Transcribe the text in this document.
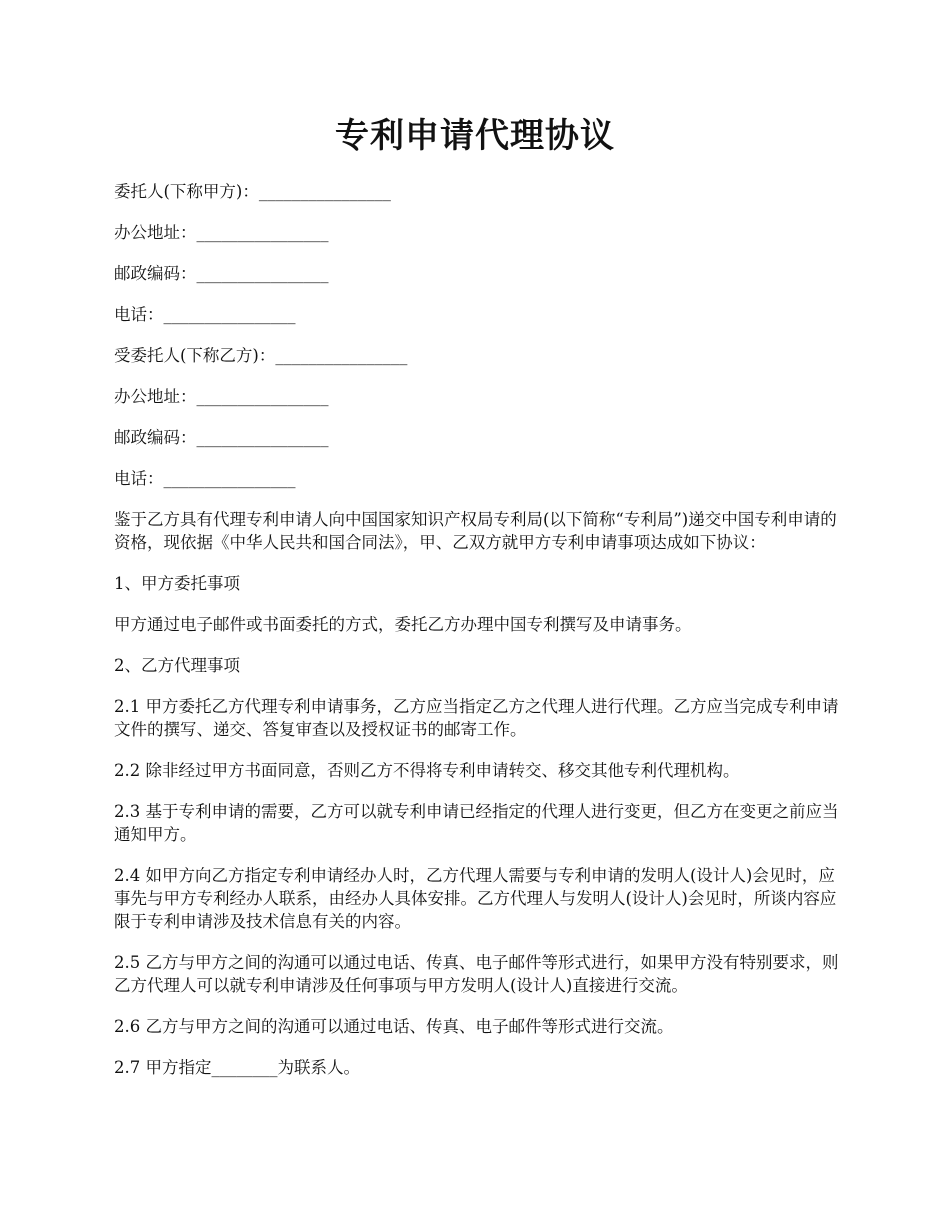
专利申请代理协议

委托人(下称甲方)：________________

办公地址：________________

邮政编码：________________

电话：________________

受委托人(下称乙方)：________________

办公地址：________________

邮政编码：________________

电话：________________

鉴于乙方具有代理专利申请人向中国国家知识产权局专利局(以下简称“专利局”)递交中国专利申请的资格，现依据《中华人民共和国合同法》，甲、乙双方就甲方专利申请事项达成如下协议：

1、甲方委托事项

甲方通过电子邮件或书面委托的方式，委托乙方办理中国专利撰写及申请事务。

2、乙方代理事项

2.1 甲方委托乙方代理专利申请事务，乙方应当指定乙方之代理人进行代理。乙方应当完成专利申请文件的撰写、递交、答复审查以及授权证书的邮寄工作。

2.2 除非经过甲方书面同意，否则乙方不得将专利申请转交、移交其他专利代理机构。

2.3 基于专利申请的需要，乙方可以就专利申请已经指定的代理人进行变更，但乙方在变更之前应当通知甲方。

2.4 如甲方向乙方指定专利申请经办人时，乙方代理人需要与专利申请的发明人(设计人)会见时，应事先与甲方专利经办人联系，由经办人具体安排。乙方代理人与发明人(设计人)会见时，所谈内容应限于专利申请涉及技术信息有关的内容。

2.5 乙方与甲方之间的沟通可以通过电话、传真、电子邮件等形式进行，如果甲方没有特别要求，则乙方代理人可以就专利申请涉及任何事项与甲方发明人(设计人)直接进行交流。

2.6 乙方与甲方之间的沟通可以通过电话、传真、电子邮件等形式进行交流。

2.7 甲方指定________为联系人。
